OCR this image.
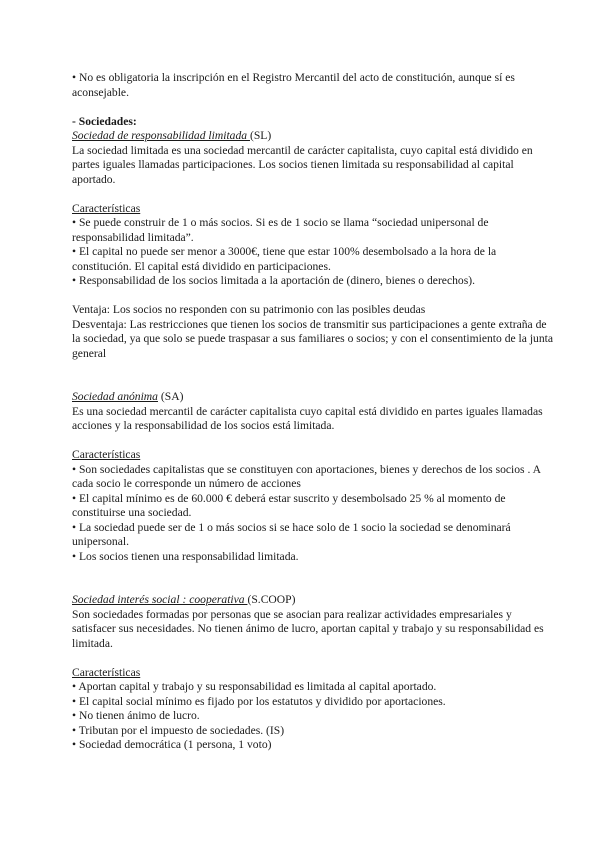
• No es obligatoria la inscripción en el Registro Mercantil del acto de constitución, aunque sí es aconsejable.

- Sociedades:

Sociedad de responsabilidad limitada (SL)

La sociedad limitada es una sociedad mercantil de carácter capitalista, cuyo capital está dividido en partes iguales llamadas participaciones. Los socios tienen limitada su responsabilidad al capital aportado.

Características

• Se puede construir de 1 o más socios. Si es de 1 socio se llama “sociedad unipersonal de responsabilidad limitada”.

• El capital no puede ser menor a 3000€, tiene que estar 100% desembolsado a la hora de la constitución. El capital está dividido en participaciones.

• Responsabilidad de los socios limitada a la aportación de (dinero, bienes o derechos).

Ventaja: Los socios no responden con su patrimonio con las posibles deudas

Desventaja: Las restricciones que tienen los socios de transmitir sus participaciones a gente extraña de la sociedad, ya que solo se puede traspasar a sus familiares o socios; y con el consentimiento de la junta general

Sociedad anónima (SA)

Es una sociedad mercantil de carácter capitalista cuyo capital está dividido en partes iguales llamadas acciones y la responsabilidad de los socios está limitada.

Características

• Son sociedades capitalistas que se constituyen con aportaciones, bienes y derechos de los socios . A cada socio le corresponde un número de acciones

• El capital mínimo es de 60.000 € deberá estar suscrito y desembolsado 25 % al momento de constituirse una sociedad.

• La sociedad puede ser de 1 o más socios si se hace solo de 1 socio la sociedad se denominará unipersonal.

• Los socios tienen una responsabilidad limitada.

Sociedad interés social : cooperativa (S.COOP)

Son sociedades formadas por personas que se asocian para realizar actividades empresariales y satisfacer sus necesidades. No tienen ánimo de lucro, aportan capital y trabajo y su responsabilidad es limitada.

Características

• Aportan capital y trabajo y su responsabilidad es limitada al capital aportado.

• El capital social mínimo es fijado por los estatutos y dividido por aportaciones.

• No tienen ánimo de lucro.

• Tributan por el impuesto de sociedades. (IS)

• Sociedad democrática (1 persona, 1 voto)
